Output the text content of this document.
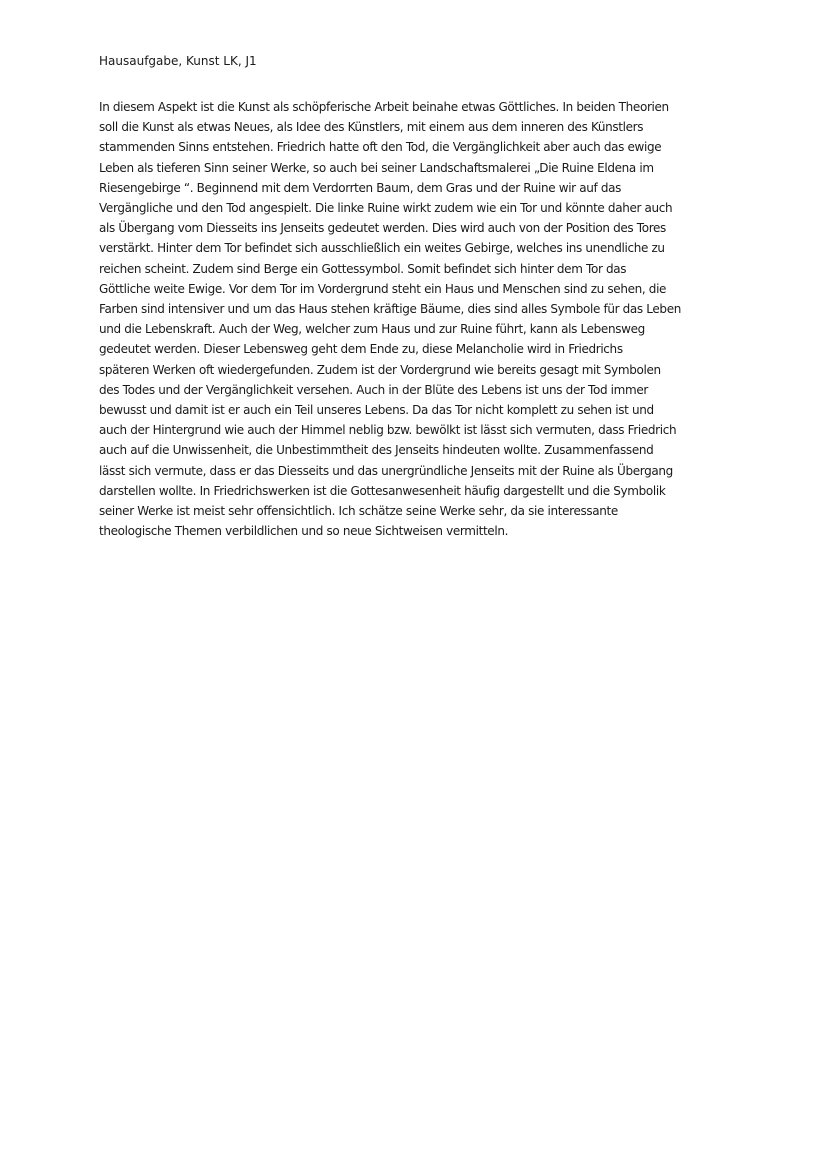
Hausaufgabe, Kunst LK, J1
In diesem Aspekt ist die Kunst als schöpferische Arbeit beinahe etwas Göttliches. In beiden Theorien
soll die Kunst als etwas Neues, als Idee des Künstlers, mit einem aus dem inneren des Künstlers
stammenden Sinns entstehen. Friedrich hatte oft den Tod, die Vergänglichkeit aber auch das ewige
Leben als tieferen Sinn seiner Werke, so auch bei seiner Landschaftsmalerei „Die Ruine Eldena im
Riesengebirge “. Beginnend mit dem Verdorrten Baum, dem Gras und der Ruine wir auf das
Vergängliche und den Tod angespielt. Die linke Ruine wirkt zudem wie ein Tor und könnte daher auch
als Übergang vom Diesseits ins Jenseits gedeutet werden. Dies wird auch von der Position des Tores
verstärkt. Hinter dem Tor befindet sich ausschließlich ein weites Gebirge, welches ins unendliche zu
reichen scheint. Zudem sind Berge ein Gottessymbol. Somit befindet sich hinter dem Tor das
Göttliche weite Ewige. Vor dem Tor im Vordergrund steht ein Haus und Menschen sind zu sehen, die
Farben sind intensiver und um das Haus stehen kräftige Bäume, dies sind alles Symbole für das Leben
und die Lebenskraft. Auch der Weg, welcher zum Haus und zur Ruine führt, kann als Lebensweg
gedeutet werden. Dieser Lebensweg geht dem Ende zu, diese Melancholie wird in Friedrichs
späteren Werken oft wiedergefunden. Zudem ist der Vordergrund wie bereits gesagt mit Symbolen
des Todes und der Vergänglichkeit versehen. Auch in der Blüte des Lebens ist uns der Tod immer
bewusst und damit ist er auch ein Teil unseres Lebens. Da das Tor nicht komplett zu sehen ist und
auch der Hintergrund wie auch der Himmel neblig bzw. bewölkt ist lässt sich vermuten, dass Friedrich
auch auf die Unwissenheit, die Unbestimmtheit des Jenseits hindeuten wollte. Zusammenfassend
lässt sich vermute, dass er das Diesseits und das unergründliche Jenseits mit der Ruine als Übergang
darstellen wollte. In Friedrichswerken ist die Gottesanwesenheit häufig dargestellt und die Symbolik
seiner Werke ist meist sehr offensichtlich. Ich schätze seine Werke sehr, da sie interessante
theologische Themen verbildlichen und so neue Sichtweisen vermitteln.
